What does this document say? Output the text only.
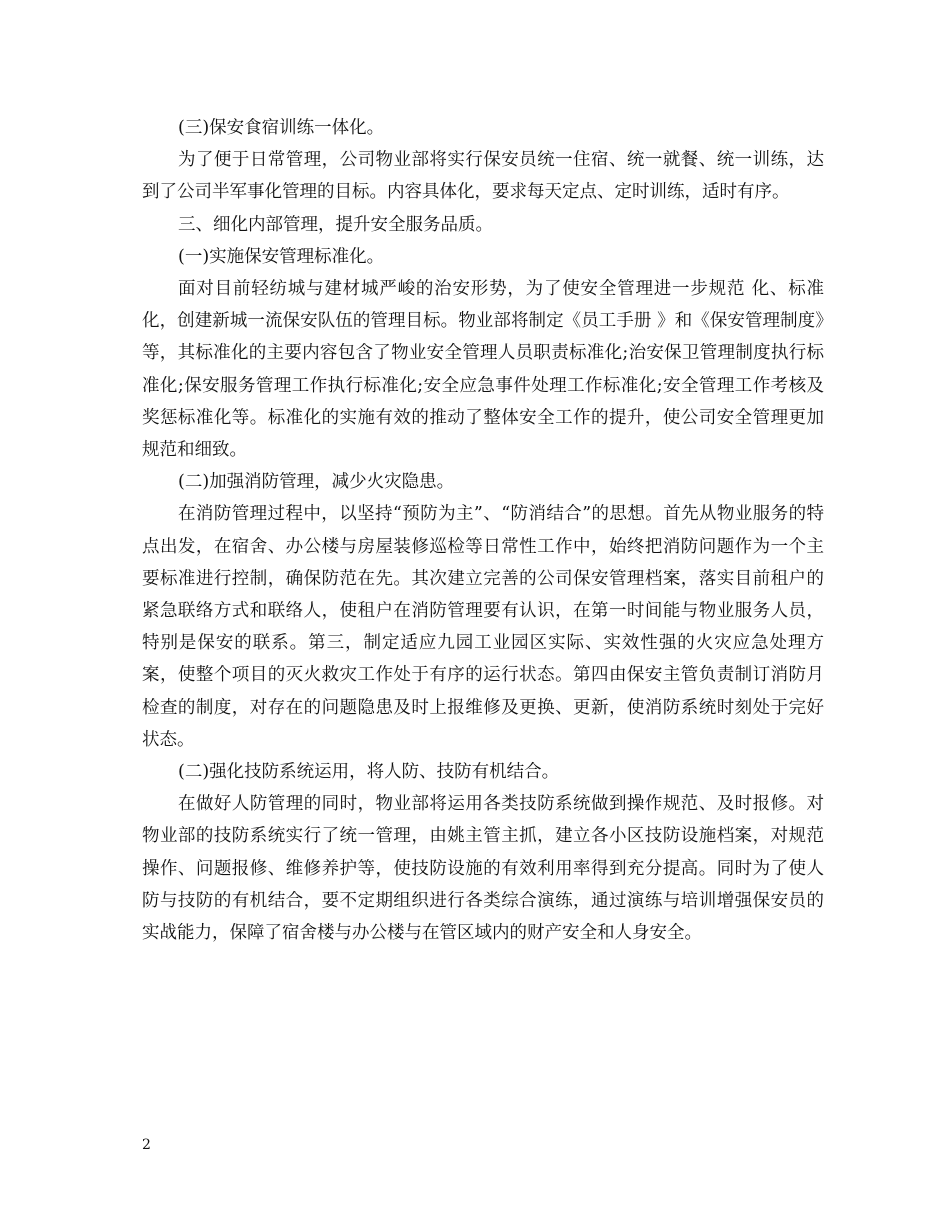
(三)保安食宿训练一体化。

为了便于日常管理，公司物业部将实行保安员统一住宿、统一就餐、统一训练，达到了公司半军事化管理的目标。内容具体化，要求每天定点、定时训练，适时有序。

三、细化内部管理，提升安全服务品质。

(一)实施保安管理标准化。

面对目前轻纺城与建材城严峻的治安形势，为了使安全管理进一步规范 化、标准化，创建新城一流保安队伍的管理目标。物业部将制定《员工手册 》和《保安管理制度》等，其标准化的主要内容包含了物业安全管理人员职责标准化;治安保卫管理制度执行标准化;保安服务管理工作执行标准化;安全应急事件处理工作标准化;安全管理工作考核及奖惩标准化等。标准化的实施有效的推动了整体安全工作的提升，使公司安全管理更加规范和细致。

(二)加强消防管理，减少火灾隐患。

在消防管理过程中，以坚持“预防为主”、“防消结合”的思想。首先从物业服务的特点出发，在宿舍、办公楼与房屋装修巡检等日常性工作中，始终把消防问题作为一个主要标准进行控制，确保防范在先。其次建立完善的公司保安管理档案，落实目前租户的紧急联络方式和联络人，使租户在消防管理要有认识，在第一时间能与物业服务人员，特别是保安的联系。第三，制定适应九园工业园区实际、实效性强的火灾应急处理方案，使整个项目的灭火救灾工作处于有序的运行状态。第四由保安主管负责制订消防月检查的制度，对存在的问题隐患及时上报维修及更换、更新，使消防系统时刻处于完好状态。

(二)强化技防系统运用，将人防、技防有机结合。

在做好人防管理的同时，物业部将运用各类技防系统做到操作规范、及时报修。对物业部的技防系统实行了统一管理，由姚主管主抓，建立各小区技防设施档案，对规范操作、问题报修、维修养护等，使技防设施的有效利用率得到充分提高。同时为了使人防与技防的有机结合，要不定期组织进行各类综合演练，通过演练与培训增强保安员的实战能力，保障了宿舍楼与办公楼与在管区域内的财产安全和人身安全。

2
